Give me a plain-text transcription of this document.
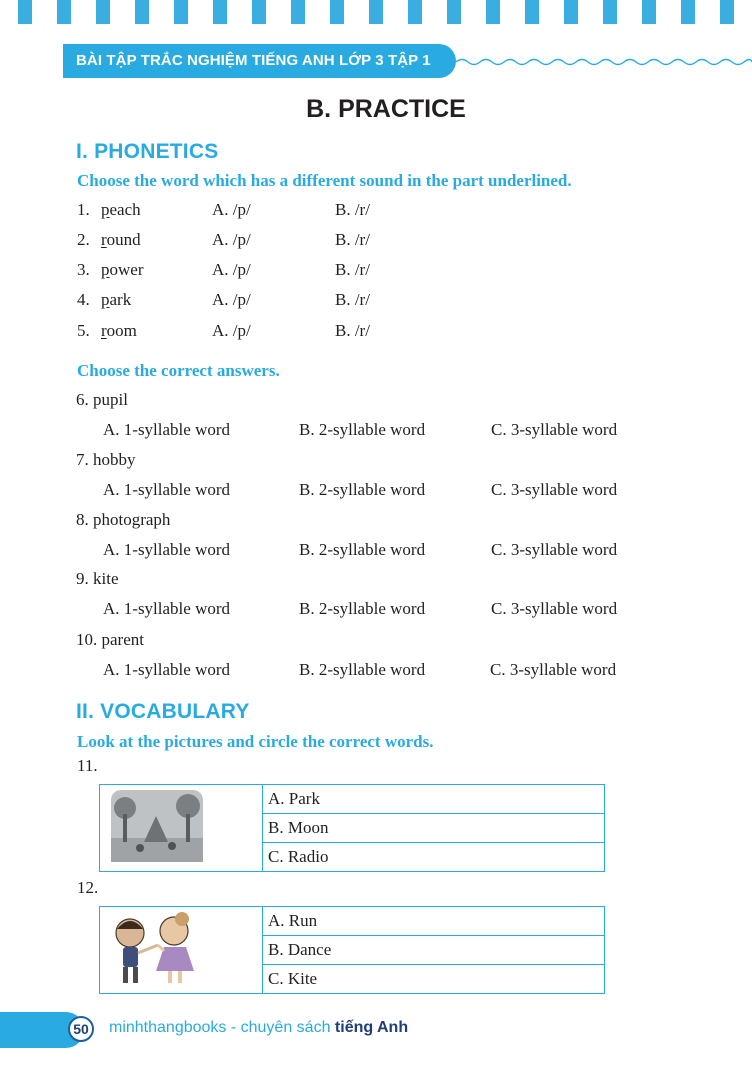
BÀI TẬP TRẮC NGHIỆM TIẾNG ANH LỚP 3 TẬP 1
B. PRACTICE
I. PHONETICS
Choose the word which has a different sound in the part underlined.
1. peach	A. /p/	B. /r/
2. round	A. /p/	B. /r/
3. power	A. /p/	B. /r/
4. park	A. /p/	B. /r/
5. room	A. /p/	B. /r/
Choose the correct answers.
6. pupil
A. 1-syllable word	B. 2-syllable word	C. 3-syllable word
7. hobby
A. 1-syllable word	B. 2-syllable word	C. 3-syllable word
8. photograph
A. 1-syllable word	B. 2-syllable word	C. 3-syllable word
9. kite
A. 1-syllable word	B. 2-syllable word	C. 3-syllable word
10. parent
A. 1-syllable word	B. 2-syllable word	C. 3-syllable word
II. VOCABULARY
Look at the pictures and circle the correct words.
11.
	A. Park
B. Moon
C. Radio
12.
	A. Run
B. Dance
C. Kite
50	minhthangbooks - chuyên sách tiếng Anh
